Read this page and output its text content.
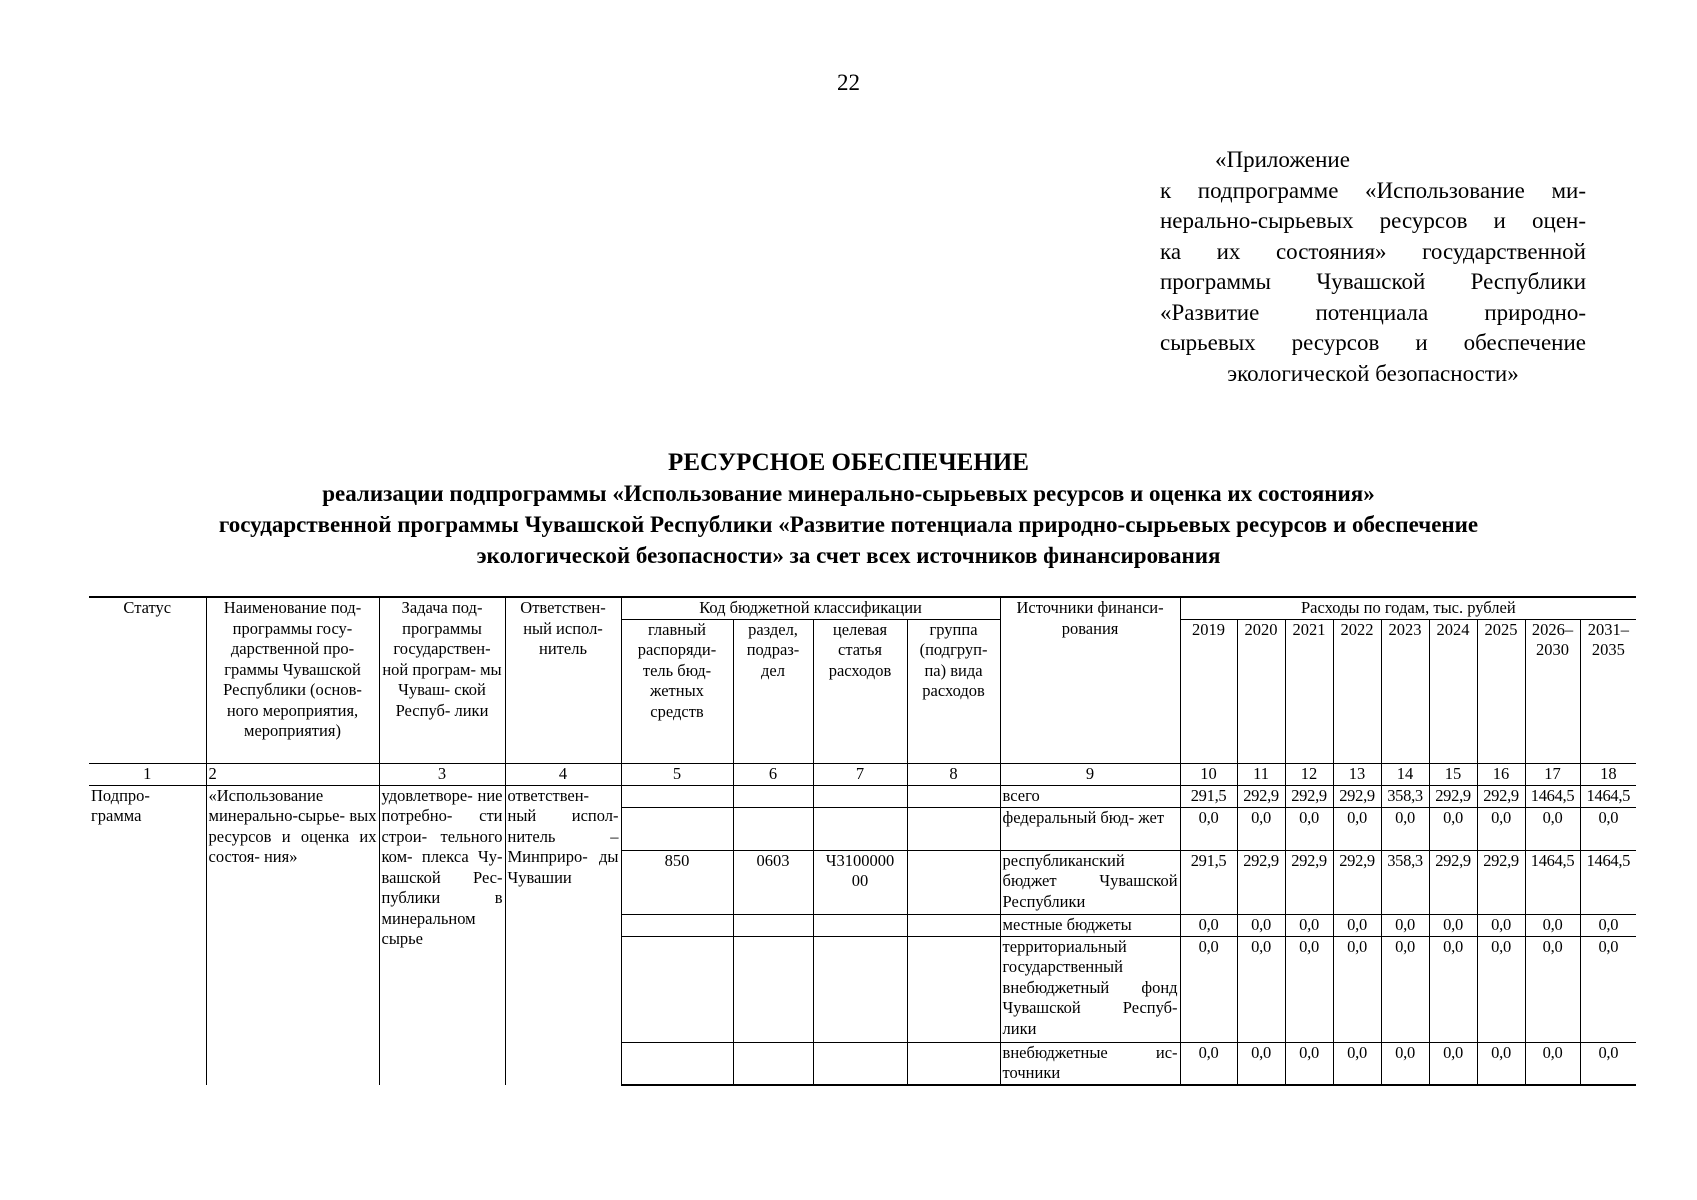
22
«Приложение
к подпрограмме «Использование ми-
нерально-сырьевых ресурсов и оцен-
ка их состояния» государственной
программы Чувашской Республики
«Развитие потенциала природно-
сырьевых ресурсов и обеспечение
экологической безопасности»
РЕСУРСНОЕ ОБЕСПЕЧЕНИЕ
реализации подпрограммы «Использование минерально-сырьевых ресурсов и оценка их состояния»
государственной программы Чувашской Республики «Развитие потенциала природно-сырьевых ресурсов и обеспечение
экологической безопасности» за счет всех источников финансирования
Статус	Наименование под- программы госу- дарственной про- граммы Чувашской Республики (основ- ного мероприятия, мероприятия)	Задача под- программы государствен- ной програм- мы Чуваш- ской Респуб- лики	Ответствен- ный испол- нитель	Код бюджетной классификации				Источники финанси- рования	Расходы по годам, тыс. рублей								
				главный распоряди- тель бюд- жетных средств	раздел, подраз- дел	целевая статья расходов	группа (подгруп- па) вида расходов		2019	2020	2021	2022	2023	2024	2025	2026– 2030	2031– 2035
1	2	3	4	5	6	7	8	9	10	11	12	13	14	15	16	17	18
Подпро- грамма	«Использование минерально-сырье- вых ресурсов и оценка их состоя- ния»	удовлетворе- ние потребно- сти строи- тельного ком- плекса Чу- вашской Рес- публики в минеральном сырье	ответствен- ный испол- нитель – Минприро- ды Чувашии					всего	291,5	292,9	292,9	292,9	358,3	292,9	292,9	1464,5	1464,5
								федеральный бюд- жет	0,0	0,0	0,0	0,0	0,0	0,0	0,0	0,0	0,0
				850	0603	Ч3100000 00		республиканский бюджет Чувашской Республики	291,5	292,9	292,9	292,9	358,3	292,9	292,9	1464,5	1464,5
								местные бюджеты	0,0	0,0	0,0	0,0	0,0	0,0	0,0	0,0	0,0
								территориальный государственный внебюджетный фонд Чувашской Респуб- лики	0,0	0,0	0,0	0,0	0,0	0,0	0,0	0,0	0,0
								внебюджетные ис- точники	0,0	0,0	0,0	0,0	0,0	0,0	0,0	0,0	0,0
